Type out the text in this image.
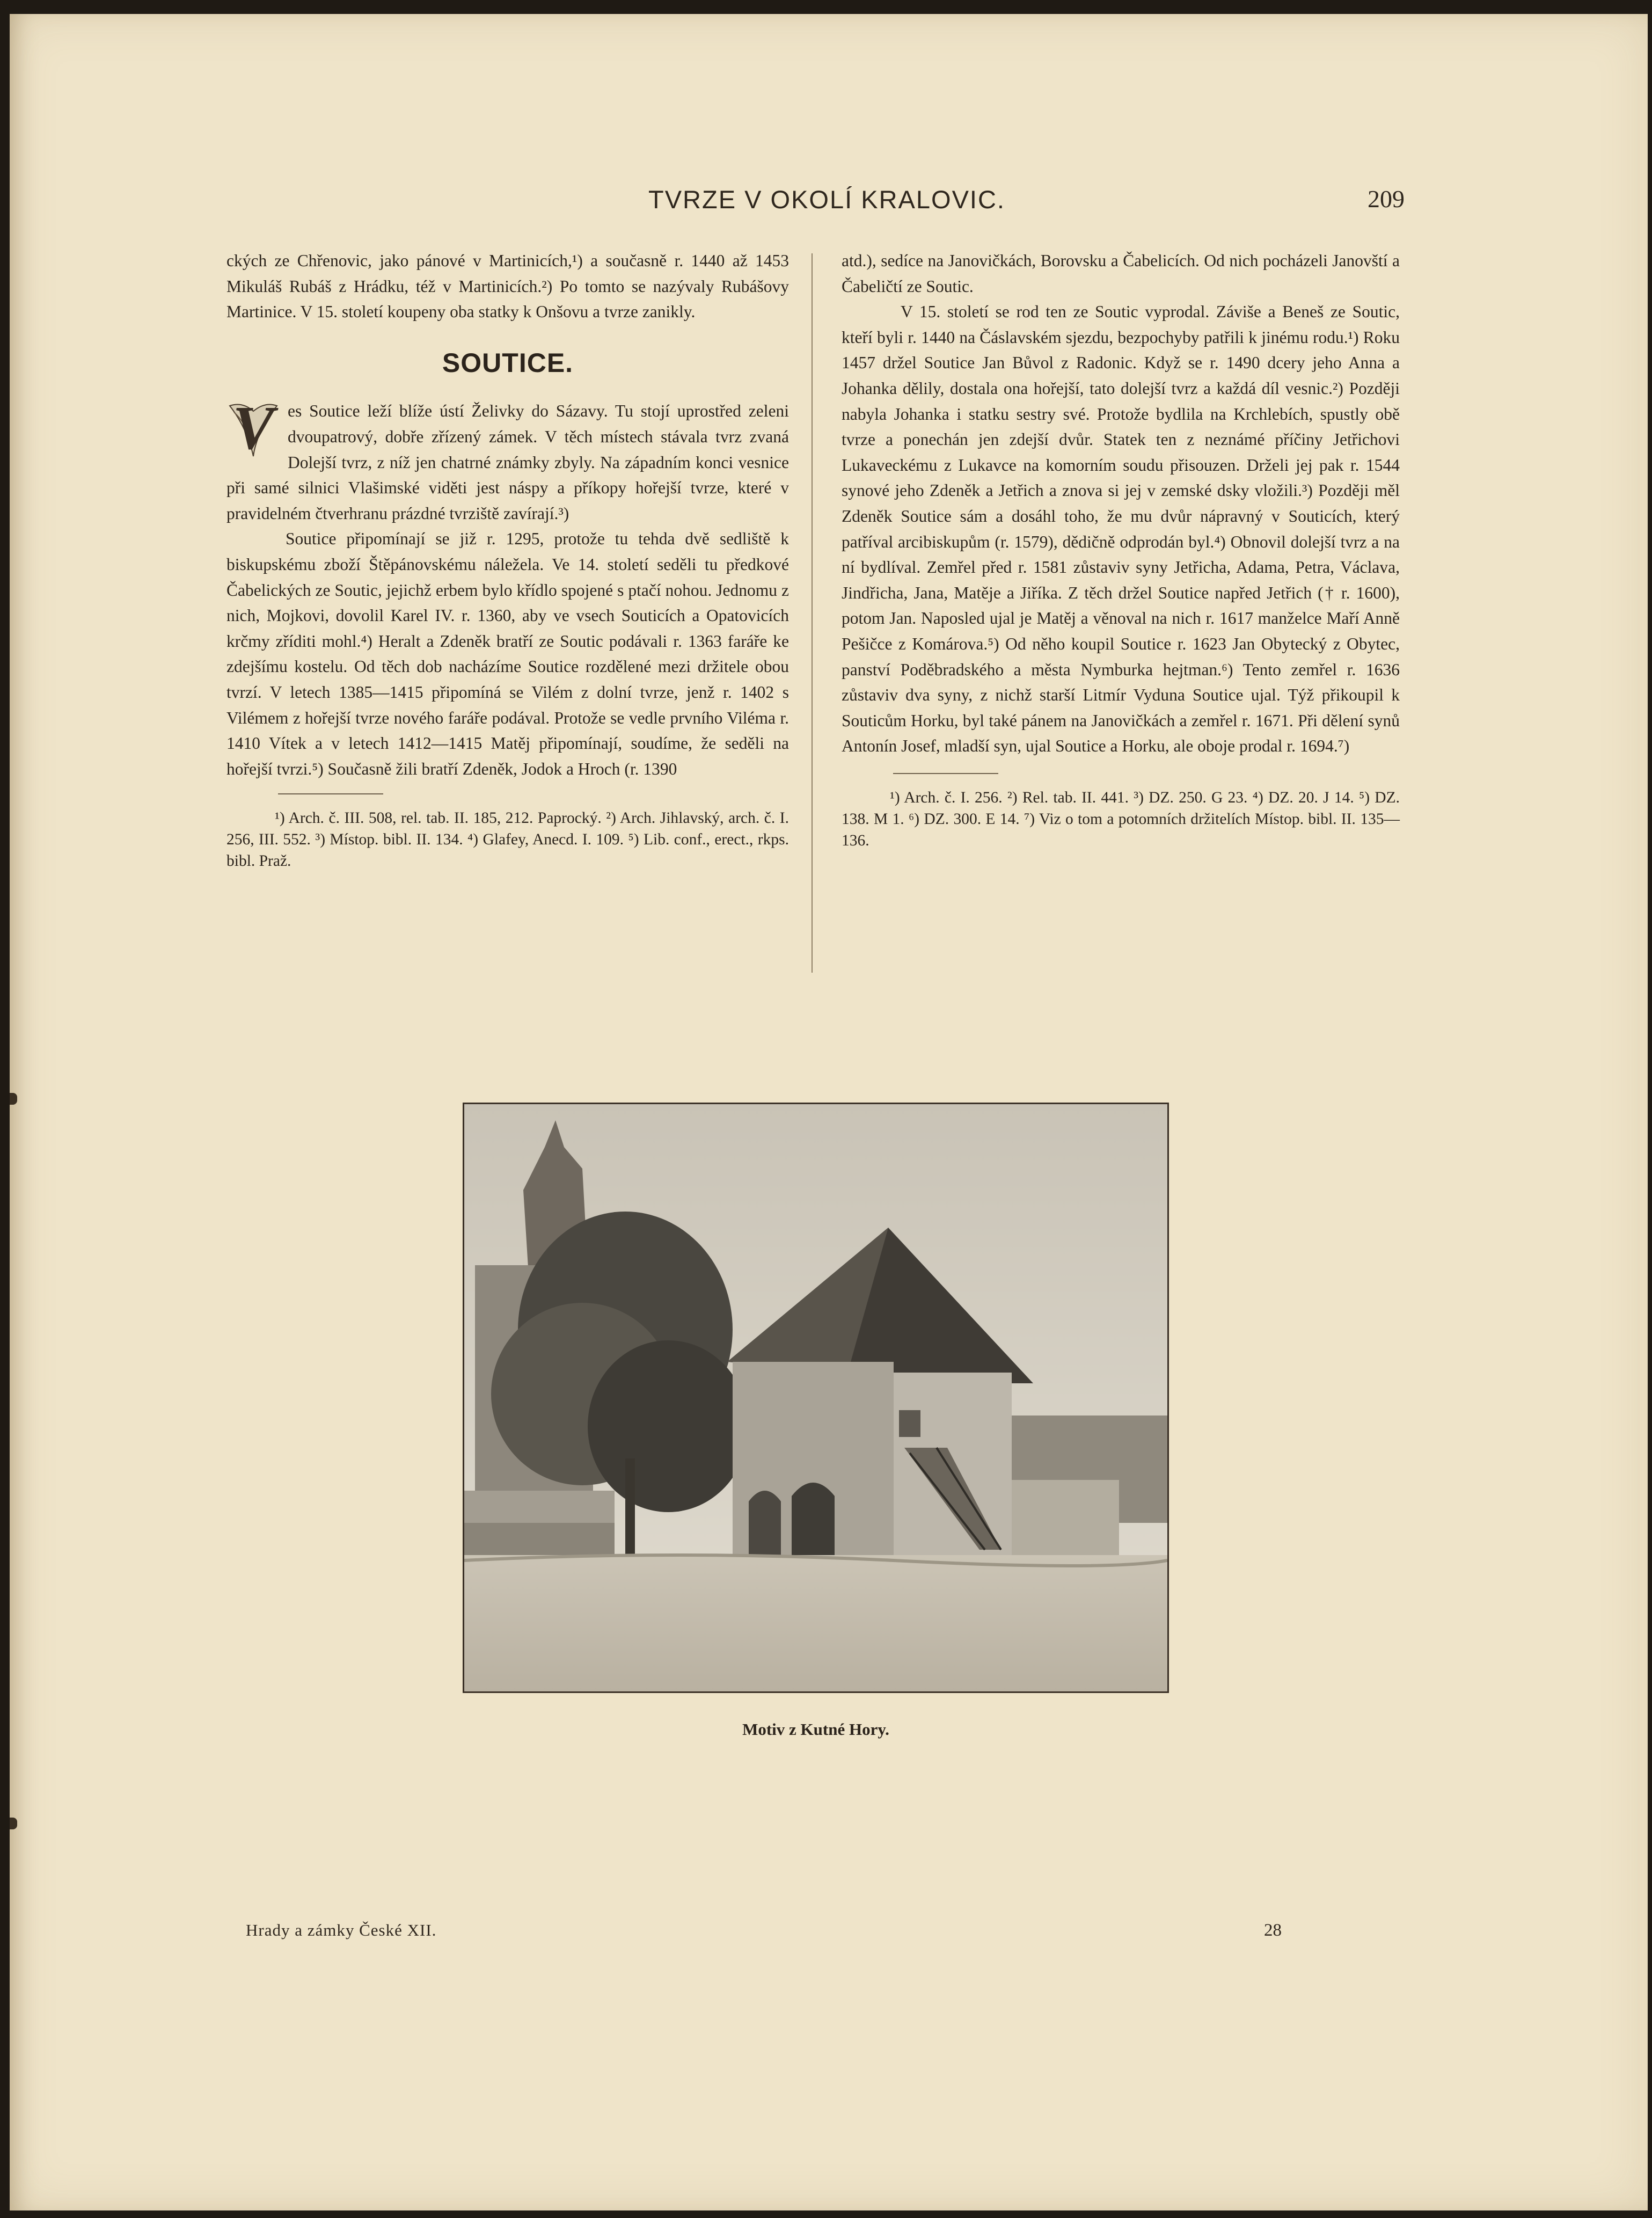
TVRZE V OKOLÍ KRALOVIC.	209

ckých ze Chřenovic, jako pánové v Martinicích,¹) a současně r. 1440 až 1453 Mikuláš Rubáš z Hrádku, též v Martinicích.²) Po tomto se nazývaly Rubášovy Martinice. V 15. století koupeny oba statky k Onšovu a tvrze zanikly.

SOUTICE.

V es Soutice leží blíže ústí Želivky do Sázavy. Tu stojí uprostřed zeleni dvoupatrový, dobře zřízený zámek. V těch místech stávala tvrz zvaná Dolejší tvrz, z níž jen chatrné známky zbyly. Na západním konci vesnice při samé silnici Vlašimské viděti jest náspy a příkopy hořejší tvrze, které v pravidelném čtverhranu prázdné tvrziště zavírají.³)

Soutice připomínají se již r. 1295, protože tu tehda dvě sedliště k biskupskému zboží Štěpánovskému náležela. Ve 14. století seděli tu předkové Čabelických ze Soutic, jejichž erbem bylo křídlo spojené s ptačí nohou. Jednomu z nich, Mojkovi, dovolil Karel IV. r. 1360, aby ve vsech Souticích a Opatovicích krčmy zříditi mohl.⁴) Heralt a Zdeněk bratří ze Soutic podávali r. 1363 faráře ke zdejšímu kostelu. Od těch dob nacházíme Soutice rozdělené mezi držitele obou tvrzí. V letech 1385—1415 připomíná se Vilém z dolní tvrze, jenž r. 1402 s Vilémem z hořejší tvrze nového faráře podával. Protože se vedle prvního Viléma r. 1410 Vítek a v letech 1412—1415 Matěj připomínají, soudíme, že seděli na hořejší tvrzi.⁵) Současně žili bratří Zdeněk, Jodok a Hroch (r. 1390

¹) Arch. č. III. 508, rel. tab. II. 185, 212. Paprocký. ²) Arch. Jihlavský, arch. č. I. 256, III. 552. ³) Místop. bibl. II. 134. ⁴) Glafey, Anecd. I. 109. ⁵) Lib. conf., erect., rkps. bibl. Praž.

atd.), sedíce na Janovičkách, Borovsku a Čabelicích. Od nich pocházeli Janovští a Čabeličtí ze Soutic.

V 15. století se rod ten ze Soutic vyprodal. Záviše a Beneš ze Soutic, kteří byli r. 1440 na Čáslavském sjezdu, bezpochyby patřili k jinému rodu.¹) Roku 1457 držel Soutice Jan Bůvol z Radonic. Když se r. 1490 dcery jeho Anna a Johanka dělily, dostala ona hořejší, tato dolejší tvrz a každá díl vesnic.²) Později nabyla Johanka i statku sestry své. Protože bydlila na Krchlebích, spustly obě tvrze a ponechán jen zdejší dvůr. Statek ten z neznámé příčiny Jetřichovi Lukaveckému z Lukavce na komorním soudu přisouzen. Drželi jej pak r. 1544 synové jeho Zdeněk a Jetřich a znova si jej v zemské dsky vložili.³) Později měl Zdeněk Soutice sám a dosáhl toho, že mu dvůr nápravný v Souticích, který patříval arcibiskupům (r. 1579), dědičně odprodán byl.⁴) Obnovil dolejší tvrz a na ní bydlíval. Zemřel před r. 1581 zůstaviv syny Jetřicha, Adama, Petra, Václava, Jindřicha, Jana, Matěje a Jiříka. Z těch držel Soutice napřed Jetřich († r. 1600), potom Jan. Naposled ujal je Matěj a věnoval na nich r. 1617 manželce Maří Anně Pešičce z Komárova.⁵) Od něho koupil Soutice r. 1623 Jan Obytecký z Obytec, panství Poděbradského a města Nymburka hejtman.⁶) Tento zemřel r. 1636 zůstaviv dva syny, z nichž starší Litmír Vyduna Soutice ujal. Týž přikoupil k Souticům Horku, byl také pánem na Janovičkách a zemřel r. 1671. Při dělení synů Antonín Josef, mladší syn, ujal Soutice a Horku, ale oboje prodal r. 1694.⁷)

¹) Arch. č. I. 256. ²) Rel. tab. II. 441. ³) DZ. 250. G 23. ⁴) DZ. 20. J 14. ⁵) DZ. 138. M 1. ⁶) DZ. 300. E 14. ⁷) Viz o tom a potomních držitelích Místop. bibl. II. 135—136.

Motiv z Kutné Hory.
Hrady a zámky České XII.	28
